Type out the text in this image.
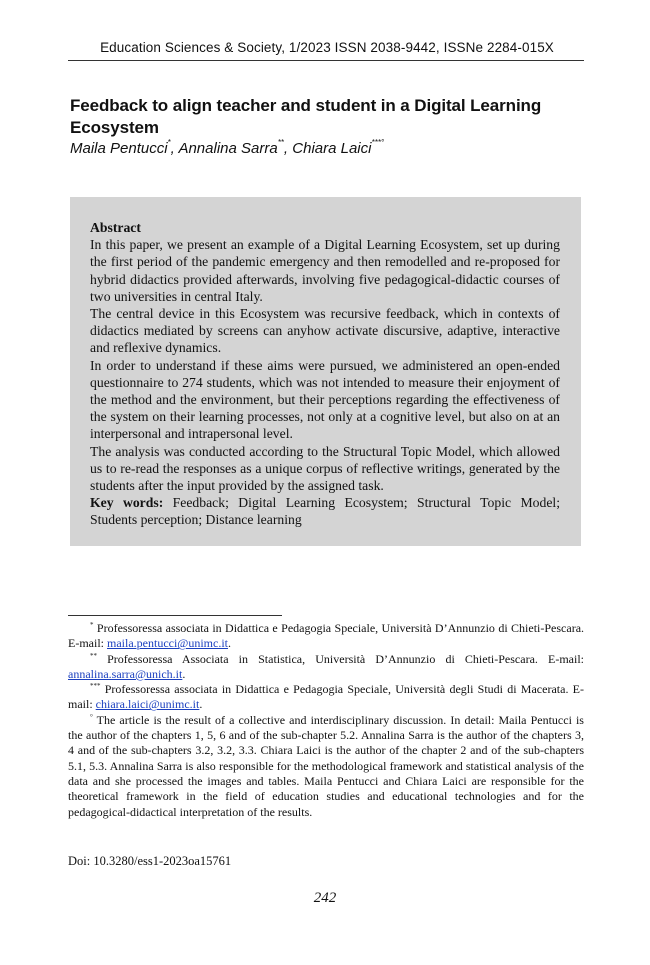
Education Sciences & Society, 1/2023 ISSN 2038-9442, ISSNe 2284-015X
Feedback to align teacher and student in a Digital Learning Ecosystem
Maila Pentucci*, Annalina Sarra**, Chiara Laici***°
Abstract

In this paper, we present an example of a Digital Learning Ecosystem, set up during the first period of the pandemic emergency and then remodelled and re-proposed for hybrid didactics provided afterwards, involving five pedagogical-didactic courses of two universities in central Italy.

The central device in this Ecosystem was recursive feedback, which in contexts of didactics mediated by screens can anyhow activate discursive, adaptive, interactive and reflexive dynamics.

In order to understand if these aims were pursued, we administered an open-ended questionnaire to 274 students, which was not intended to measure their enjoyment of the method and the environment, but their perceptions regarding the effectiveness of the system on their learning processes, not only at a cognitive level, but also on at an interpersonal and intrapersonal level.

The analysis was conducted according to the Structural Topic Model, which allowed us to re-read the responses as a unique corpus of reflective writings, generated by the students after the input provided by the assigned task.

Key words: Feedback; Digital Learning Ecosystem; Structural Topic Model; Students perception; Distance learning

* Professoressa associata in Didattica e Pedagogia Speciale, Università D’Annunzio di Chieti-Pescara. E-mail: maila.pentucci@unimc.it.

** Professoressa Associata in Statistica, Università D’Annunzio di Chieti-Pescara. E-mail: annalina.sarra@unich.it.

*** Professoressa associata in Didattica e Pedagogia Speciale, Università degli Studi di Macerata. E-mail: chiara.laici@unimc.it.

° The article is the result of a collective and interdisciplinary discussion. In detail: Maila Pentucci is the author of the chapters 1, 5, 6 and of the sub-chapter 5.2. Annalina Sarra is the author of the chapters 3, 4 and of the sub-chapters 3.2, 3.2, 3.3. Chiara Laici is the author of the chapter 2 and of the sub-chapters 5.1, 5.3. Annalina Sarra is also responsible for the methodological framework and statistical analysis of the data and she processed the images and tables. Maila Pentucci and Chiara Laici are responsible for the theoretical framework in the field of education studies and educational technologies and for the pedagogical-didactical interpretation of the results.

Doi: 10.3280/ess1-2023oa15761
242
